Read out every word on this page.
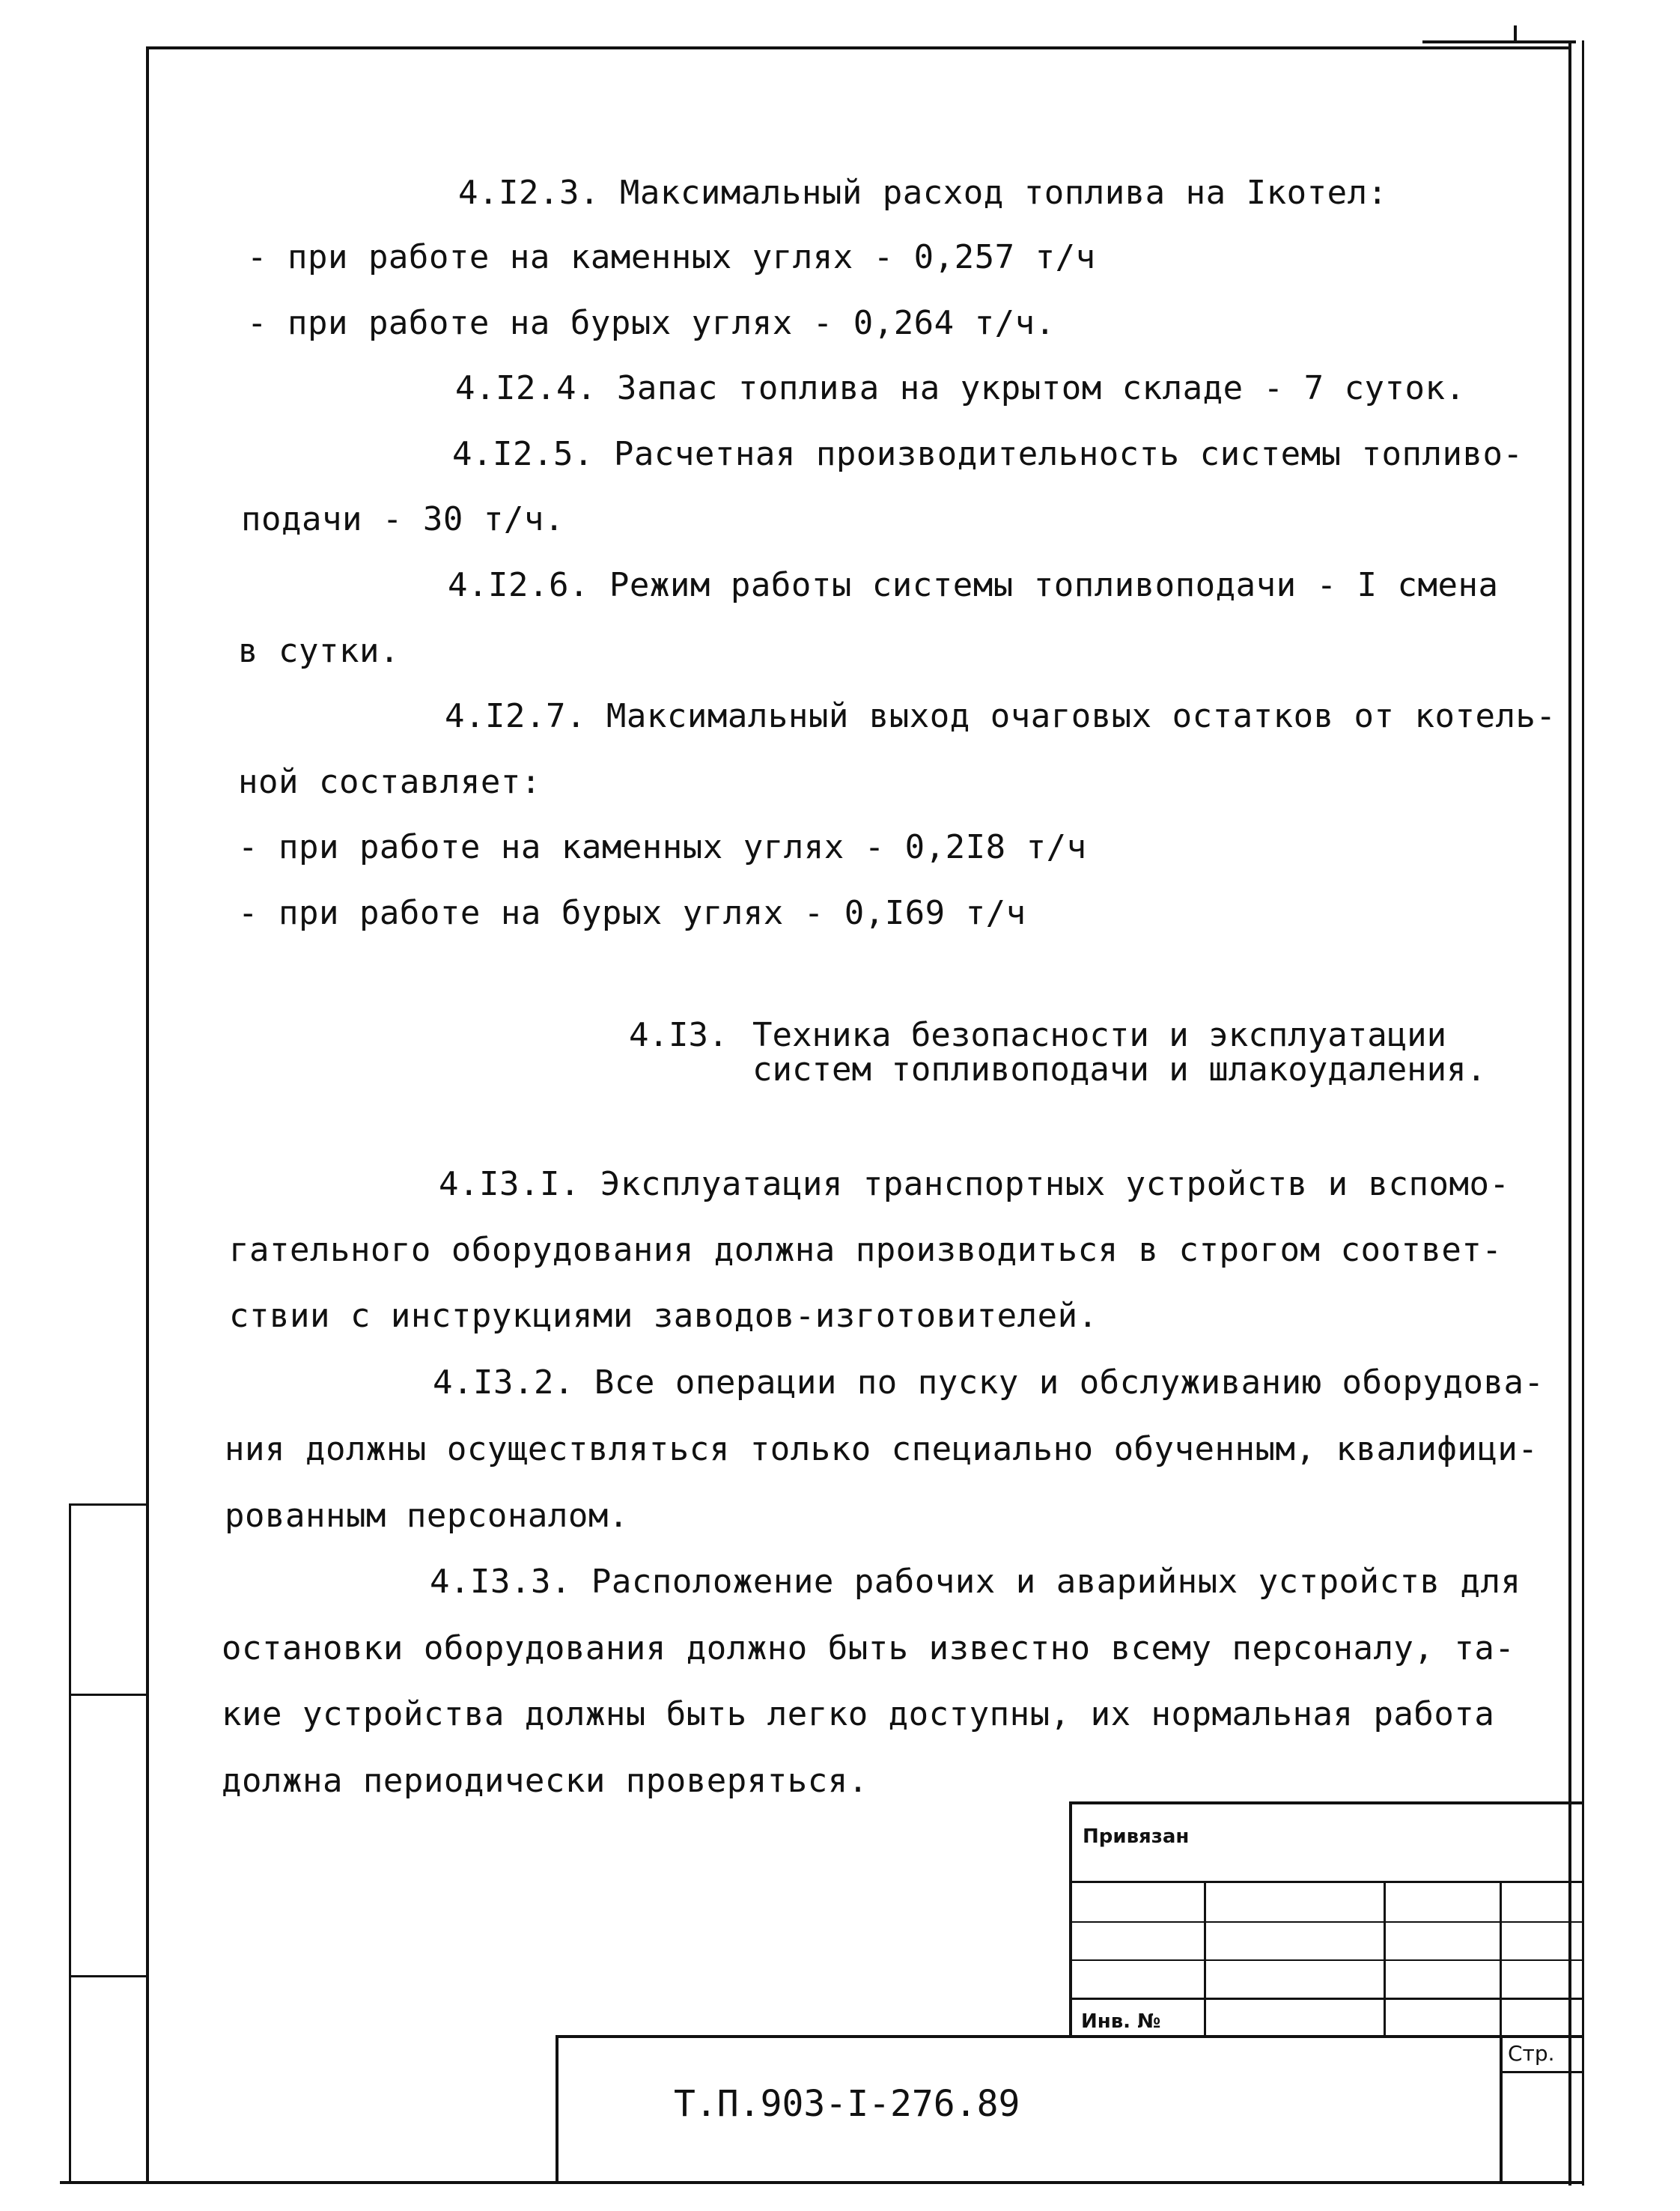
4.I2.3. Максимальный расход топлива на Iкотел:
- при работе на каменных углях - 0,257 т/ч
- при работе на бурых углях - 0,264 т/ч.
4.I2.4. Запас топлива на укрытом складе - 7 суток.
4.I2.5. Расчетная производительность системы топливо-
подачи - 30 т/ч.
4.I2.6. Режим работы системы топливоподачи - I смена
в сутки.
4.I2.7. Максимальный выход очаговых остатков от котель-
ной составляет:
- при работе на каменных углях - 0,2I8 т/ч
- при работе на бурых углях - 0,I69 т/ч
4.I3. Техника безопасности и эксплуатации
систем топливоподачи и шлакоудаления.
4.I3.I. Эксплуатация транспортных устройств и вспомо-
гательного оборудования должна производиться в строгом соответ-
ствии с инструкциями заводов-изготовителей.
4.I3.2. Все операции по пуску и обслуживанию оборудова-
ния должны осуществляться только специально обученным, квалифици-
рованным персоналом.
4.I3.3. Расположение рабочих и аварийных устройств для
остановки оборудования должно быть известно всему персоналу, та-
кие устройства должны быть легко доступны, их нормальная работа
должна периодически проверяться.
Привязан
Инв. №
Стр.
Т.П.903-I-276.89
